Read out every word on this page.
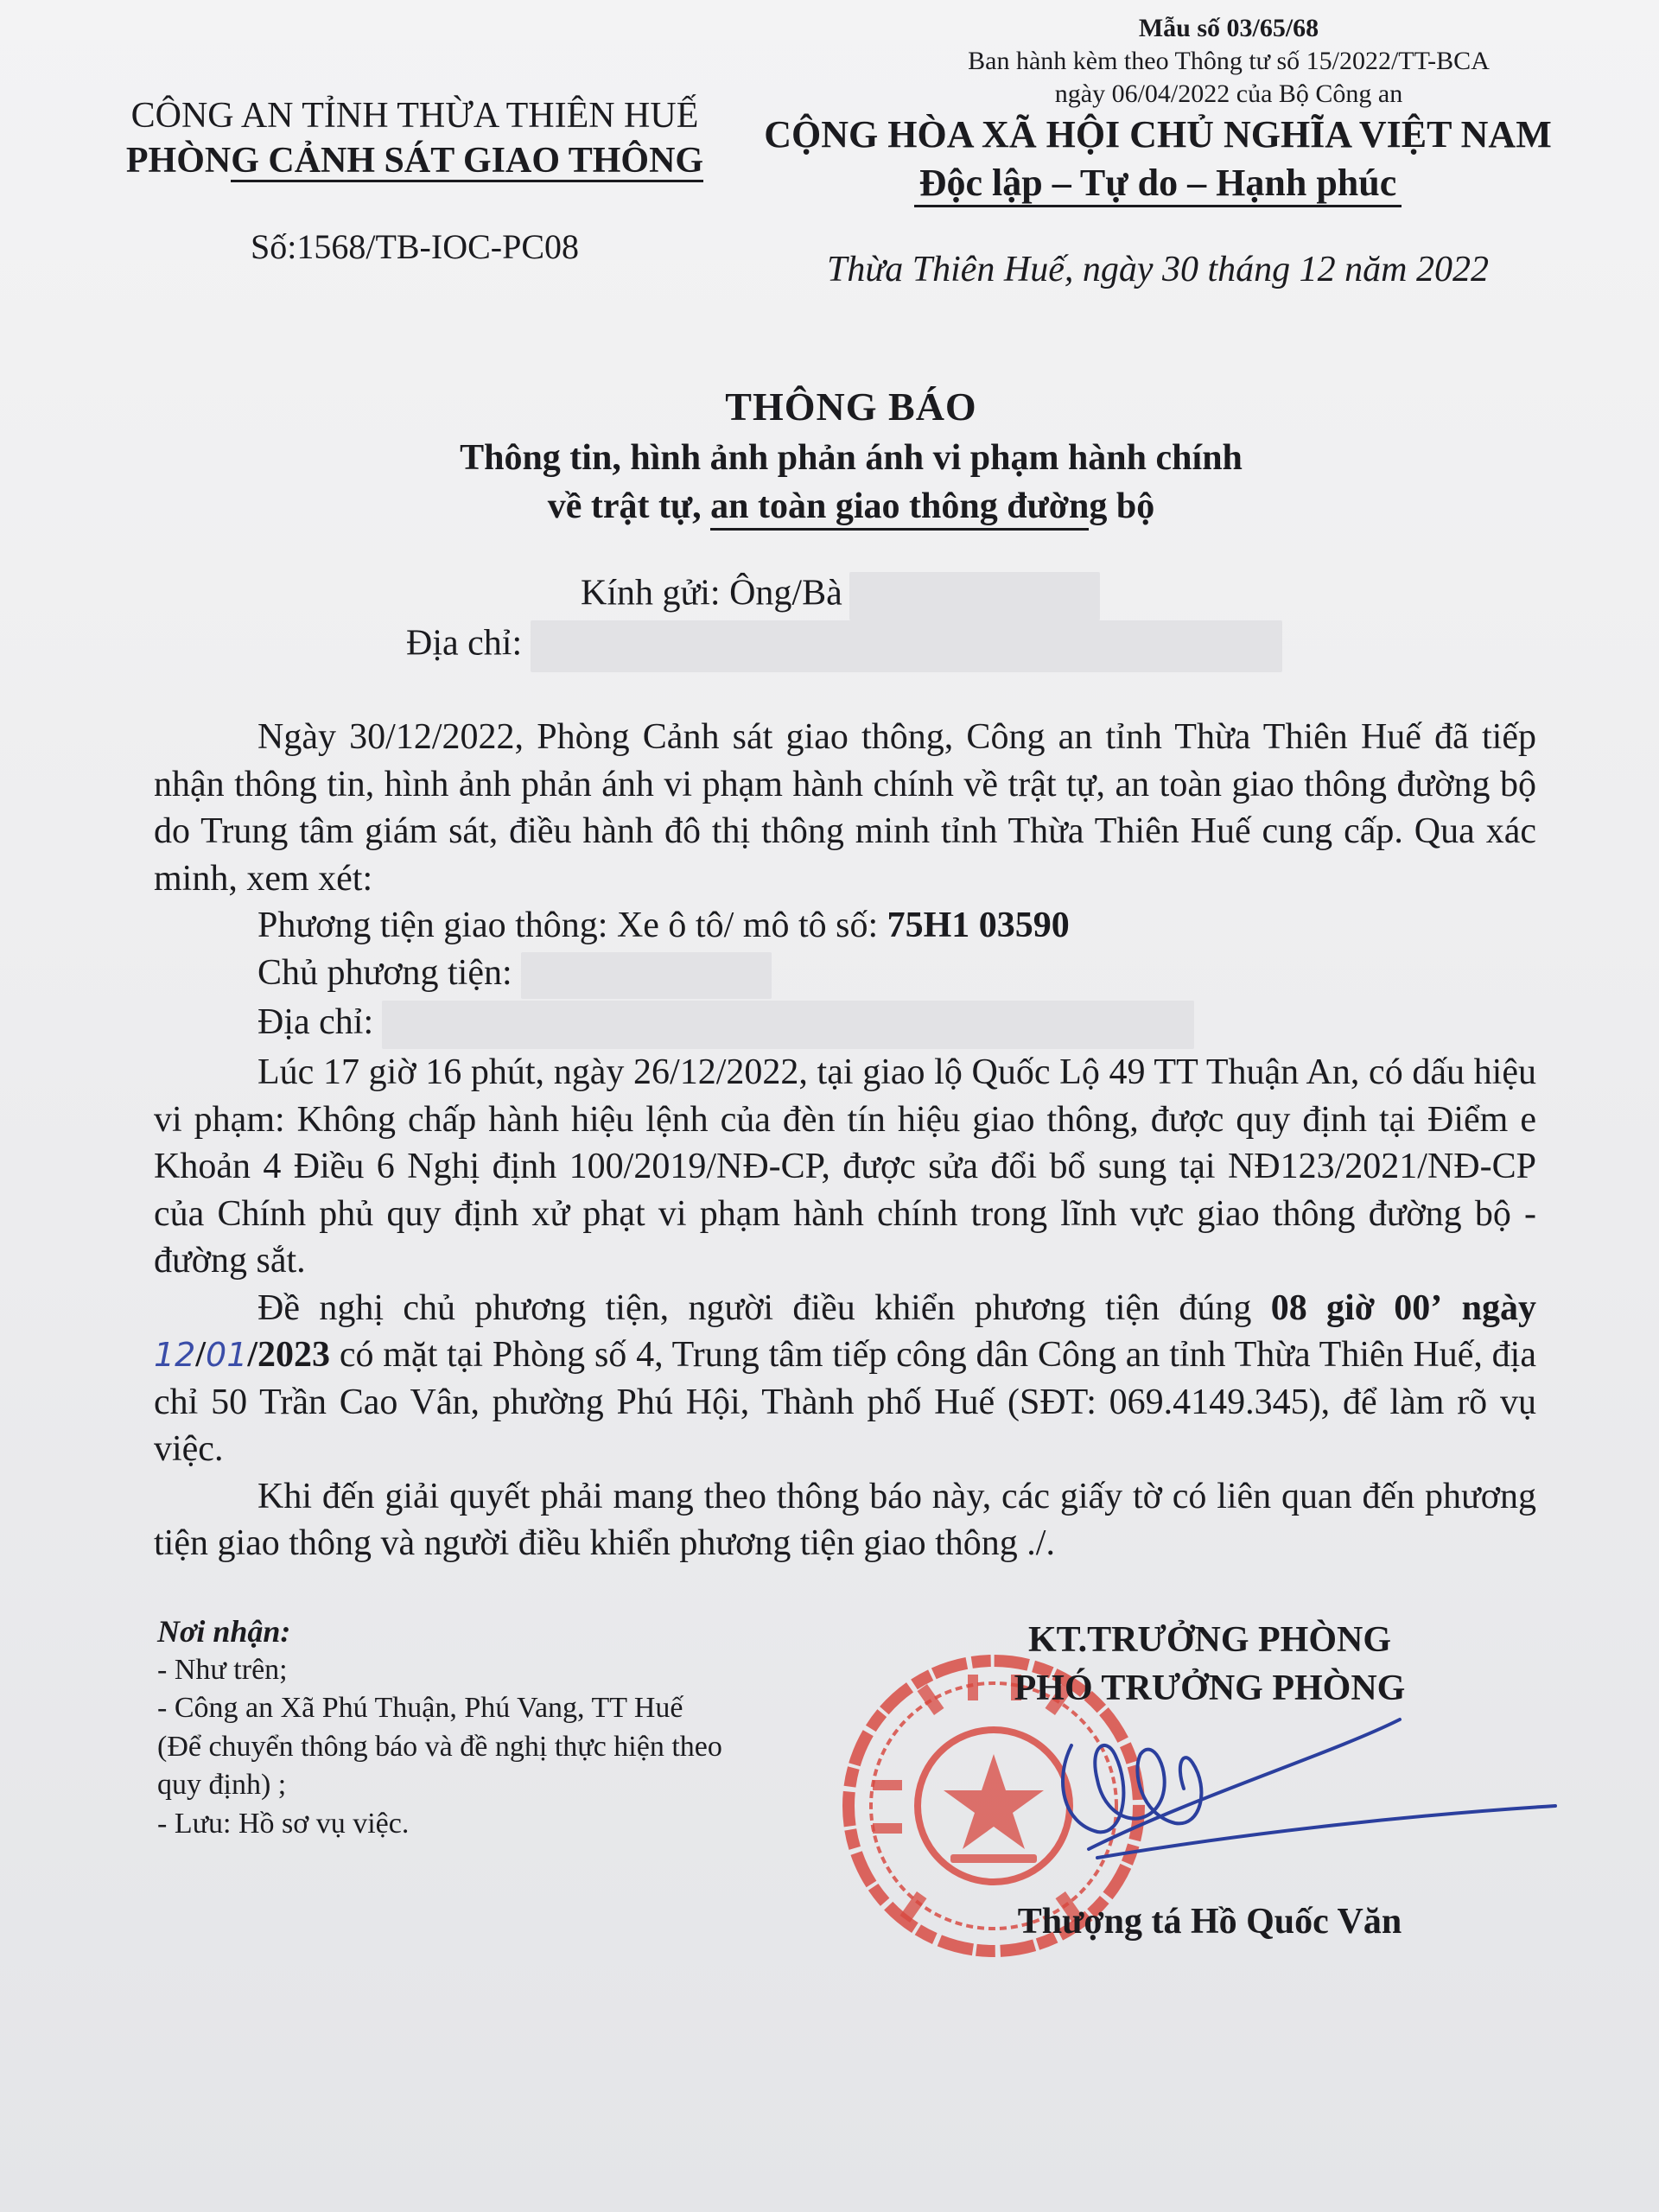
Mẫu số 03/65/68
Ban hành kèm theo Thông tư số 15/2022/TT-BCA
ngày 06/04/2022 của Bộ Công an
CÔNG AN TỈNH THỪA THIÊN HUẾ
PHÒNG CẢNH SÁT GIAO THÔNG
Số:1568/TB-IOC-PC08
CỘNG HÒA XÃ HỘI CHỦ NGHĨA VIỆT NAM
Độc lập – Tự do – Hạnh phúc
Thừa Thiên Huế, ngày 30 tháng 12 năm 2022
THÔNG BÁO
Thông tin, hình ảnh phản ánh vi phạm hành chính
về trật tự, an toàn giao thông đường bộ
Kính gửi: Ông/Bà
Địa chỉ:

Ngày 30/12/2022, Phòng Cảnh sát giao thông, Công an tỉnh Thừa Thiên Huế đã tiếp nhận thông tin, hình ảnh phản ánh vi phạm hành chính về trật tự, an toàn giao thông đường bộ do Trung tâm giám sát, điều hành đô thị thông minh tỉnh Thừa Thiên Huế cung cấp. Qua xác minh, xem xét:

Phương tiện giao thông: Xe ô tô/ mô tô số: 75H1 03590

Chủ phương tiện:

Địa chỉ:

Lúc 17 giờ 16 phút, ngày 26/12/2022, tại giao lộ Quốc Lộ 49 TT Thuận An, có dấu hiệu vi phạm: Không chấp hành hiệu lệnh của đèn tín hiệu giao thông, được quy định tại Điểm e Khoản 4 Điều 6 Nghị định 100/2019/NĐ-CP, được sửa đổi bổ sung tại NĐ123/2021/NĐ-CP của Chính phủ quy định xử phạt vi phạm hành chính trong lĩnh vực giao thông đường bộ - đường sắt.

Đề nghị chủ phương tiện, người điều khiển phương tiện đúng 08 giờ 00’ ngày 12/01/2023 có mặt tại Phòng số 4, Trung tâm tiếp công dân Công an tỉnh Thừa Thiên Huế, địa chỉ 50 Trần Cao Vân, phường Phú Hội, Thành phố Huế (SĐT: 069.4149.345), để làm rõ vụ việc.

Khi đến giải quyết phải mang theo thông báo này, các giấy tờ có liên quan đến phương tiện giao thông và người điều khiển phương tiện giao thông ./.

Nơi nhận:
- Như trên;
- Công an Xã Phú Thuận, Phú Vang, TT Huế
(Để chuyển thông báo và đề nghị thực hiện theo
quy định) ;
- Lưu: Hồ sơ vụ việc.
KT.TRƯỞNG PHÒNG
PHÓ TRƯỞNG PHÒNG
Thượng tá Hồ Quốc Văn
